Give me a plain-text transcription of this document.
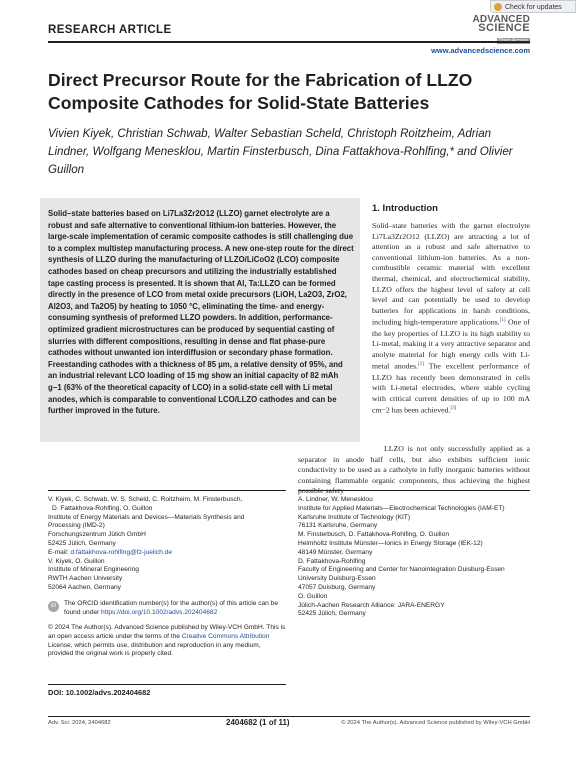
Check for updates
RESEARCH ARTICLE
ADVANCED
SCIENCE
www.advancedscience.com
Direct Precursor Route for the Fabrication of LLZO Composite Cathodes for Solid-State Batteries
Vivien Kiyek, Christian Schwab, Walter Sebastian Scheld, Christoph Roitzheim, Adrian Lindner, Wolfgang Menesklou, Martin Finsterbusch, Dina Fattakhova-Rohlfing,* and Olivier Guillon
Solid–state batteries based on Li7La3Zr2O12 (LLZO) garnet electrolyte are a robust and safe alternative to conventional lithium-ion batteries. However, the large-scale implementation of ceramic composite cathodes is still challenging due to a complex multistep manufacturing process. A new one-step route for the direct synthesis of LLZO during the manufacturing of LLZO/LiCoO2 (LCO) composite cathodes based on cheap precursors and utilizing the industrially established tape casting process is presented. It is shown that Al, Ta:LLZO can be formed directly in the presence of LCO from metal oxide precursors (LiOH, La2O3, ZrO2, Al2O3, and Ta2O5) by heating to 1050 °C, eliminating the time- and energy-consuming synthesis of preformed LLZO powders. In addition, performance-optimized gradient microstructures can be produced by sequential casting of slurries with different compositions, resulting in dense and flat phase-pure cathodes without unwanted ion interdiffusion or secondary phase formation. Freestanding cathodes with a thickness of 85 µm, a relative density of 95%, and an industrial relevant LCO loading of 15 mg show an initial capacity of 82 mAh g−1 (63% of the theoretical capacity of LCO) in a solid-state cell with Li metal anodes, which is comparable to conventional LCO/LLZO cathodes and can be further improved in the future.
1. Introduction
Solid–state batteries with the garnet electrolyte Li7La3Zr2O12 (LLZO) are attracting a lot of attention as a robust and safe alternative to conventional lithium-ion batteries. As a non-combustible ceramic material with excellent thermal, chemical, and electrochemical stability, LLZO offers the highest level of safety at cell level and can potentially be used to develop batteries for applications in harsh conditions, including high-temperature applications.[1] One of the key properties of LLZO is its high stability to Li-metal, making it a very attractive separator and anolyte material for high energy cells with Li-metal anodes.[2] The excellent performance of LLZO has recently been demonstrated in cells with Li-metal electrodes, where stable cycling with critical current densities of up to 100 mA cm−2 has been achieved.[3]
LLZO is not only successfully applied as a separator in anode half cells, but also exhibits sufficient ionic conductivity to be used as a catholyte in fully inorganic batteries without containing flammable organic components, thus achieving the highest possible safety
V. Kiyek, C. Schwab, W. S. Scheld, C. Roitzheim, M. Finsterbusch,
D. Fattakhova-Rohlfing, O. Guillon
Institute of Energy Materials and Devices—Materials Synthesis and
Processing (IMD-2)
Forschungszentrum Jülich GmbH
52425 Jülich, Germany
E-mail: d.fattakhova-rohlfing@fz-juelich.de
V. Kiyek, O. Guillon
Institute of Mineral Engineering
RWTH Aachen University
52064 Aachen, Germany
A. Lindner, W. Menesklou
Institute for Applied Materials—Electrochemical Technologies (IAM-ET)
Karlsruhe Institute of Technology (KIT)
76131 Karlsruhe, Germany
M. Finsterbusch, D. Fattakhova-Rohlfing, O. Guillon
Helmholtz Institute Münster—Ionics in Energy Storage (IEK-12)
48149 Münster, Germany
D. Fattakhova-Rohlfing
Faculty of Engineering and Center for Nanointegration Duisburg-Essen
University Duisburg-Essen
47057 Duisburg, Germany
O. Guillon
Jülich-Aachen Research Alliance: JARA-ENERGY
52425 Jülich, Germany
ID	The ORCID identification number(s) for the author(s) of this article can be found under https://doi.org/10.1002/advs.202404682
© 2024 The Author(s). Advanced Science published by Wiley-VCH GmbH. This is an open access article under the terms of the Creative Commons Attribution License, which permits use, distribution and reproduction in any medium, provided the original work is properly cited.
DOI: 10.1002/advs.202404682
Adv. Sci. 2024, 2404682	2404682 (1 of 11)	© 2024 The Author(s). Advanced Science published by Wiley-VCH GmbH
